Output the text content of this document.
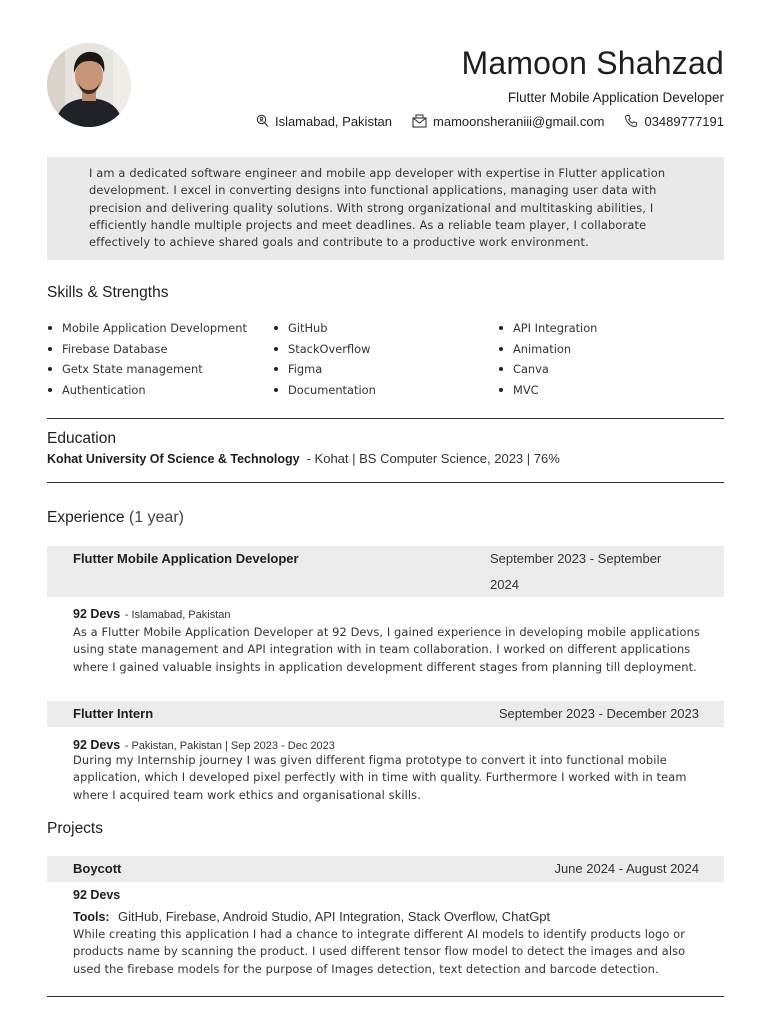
Mamoon Shahzad
Flutter Mobile Application Developer
Islamabad, Pakistan	mamoonsheraniii@gmail.com	03489777191
I am a dedicated software engineer and mobile app developer with expertise in Flutter application development. I excel in converting designs into functional applications, managing user data with precision and delivering quality solutions. With strong organizational and multitasking abilities, I efficiently handle multiple projects and meet deadlines. As a reliable team player, I collaborate effectively to achieve shared goals and contribute to a productive work environment.
Skills & Strengths
Mobile Application Development
Firebase Database
Getx State management
Authentication
GitHub
StackOverflow
Figma
Documentation
API Integration
Animation
Canva
MVC
Education
Kohat University Of Science & Technology - Kohat | BS Computer Science, 2023 | 76%
Experience (1 year)
Flutter Mobile Application Developer	September 2023 - September
2024
92 Devs - Islamabad, Pakistan
As a Flutter Mobile Application Developer at 92 Devs, I gained experience in developing mobile applications using state management and API integration with in team collaboration. I worked on different applications where I gained valuable insights in application development different stages from planning till deployment.
Flutter Intern	September 2023 - December 2023
92 Devs - Pakistan, Pakistan | Sep 2023 - Dec 2023
During my Internship journey I was given different figma prototype to convert it into functional mobile application, which I developed pixel perfectly with in time with quality. Furthermore I worked with in team where I acquired team work ethics and organisational skills.
Projects
Boycott	June 2024 - August 2024
92 Devs
Tools: GitHub, Firebase, Android Studio, API Integration, Stack Overflow, ChatGpt
While creating this application I had a chance to integrate different AI models to identify products logo or products name by scanning the product. I used different tensor flow model to detect the images and also used the firebase models for the purpose of Images detection, text detection and barcode detection.
